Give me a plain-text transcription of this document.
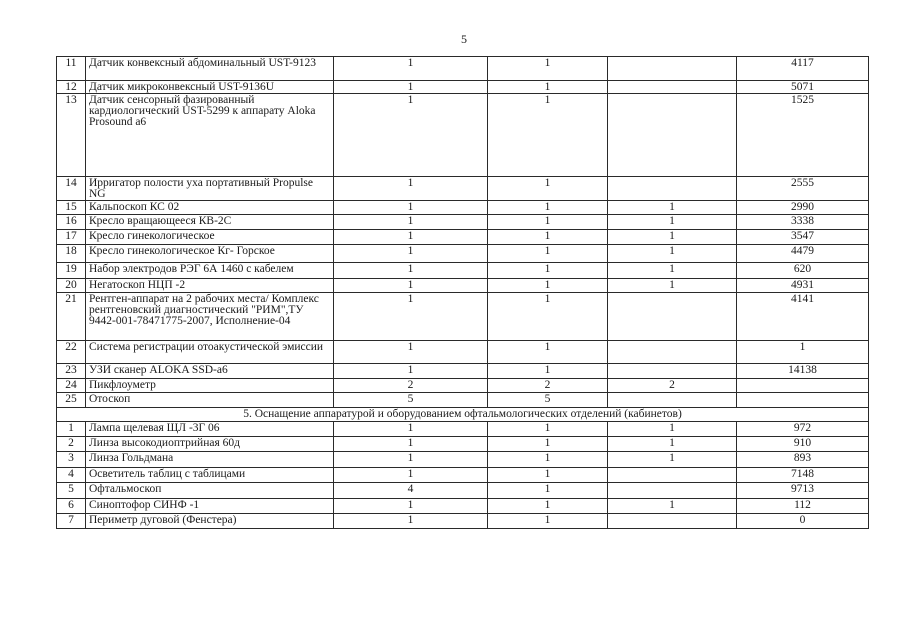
5
11	Датчик конвексный абдоминальный UST-9123	1	1		4117
12	Датчик микроконвексный UST-9136U	1	1		5071
13	Датчик сенсорный фазированный кардиологический UST-5299 к аппарату Aloka Prosound a6	1	1		1525
14	Ирригатор полости уха портативный Propulse NG	1	1		2555
15	Кальпоскоп КС 02	1	1	1	2990
16	Кресло вращающееся КВ-2С	1	1	1	3338
17	Кресло гинекологическое	1	1	1	3547
18	Кресло гинекологическое Кг- Горское	1	1	1	4479
19	Набор электродов РЭГ 6А 1460 с кабелем	1	1	1	620
20	Негатоскоп НЦП -2	1	1	1	4931
21	Рентген-аппарат на 2 рабочих места/ Комплекс рентгеновский диагностический "РИМ",ТУ 9442-001-78471775-2007, Исполнение-04	1	1		4141
22	Система регистрации отоакустической эмиссии	1	1		1
23	УЗИ сканер ALOKA SSD-a6	1	1		14138
24	Пикфлоуметр	2	2	2	
25	Отоскоп	5	5		
5. Оснащение аппаратурой и оборудованием офтальмологических отделений (кабинетов)					
1	Лампа щелевая ЩЛ -3Г 06	1	1	1	972
2	Линза высокодиоптрийная 60д	1	1	1	910
3	Линза Гольдмана	1	1	1	893
4	Осветитель таблиц с таблицами	1	1		7148
5	Офтальмоскоп	4	1		9713
6	Синоптофор СИНФ -1	1	1	1	112
7	Периметр дуговой (Фенстера)	1	1		0
